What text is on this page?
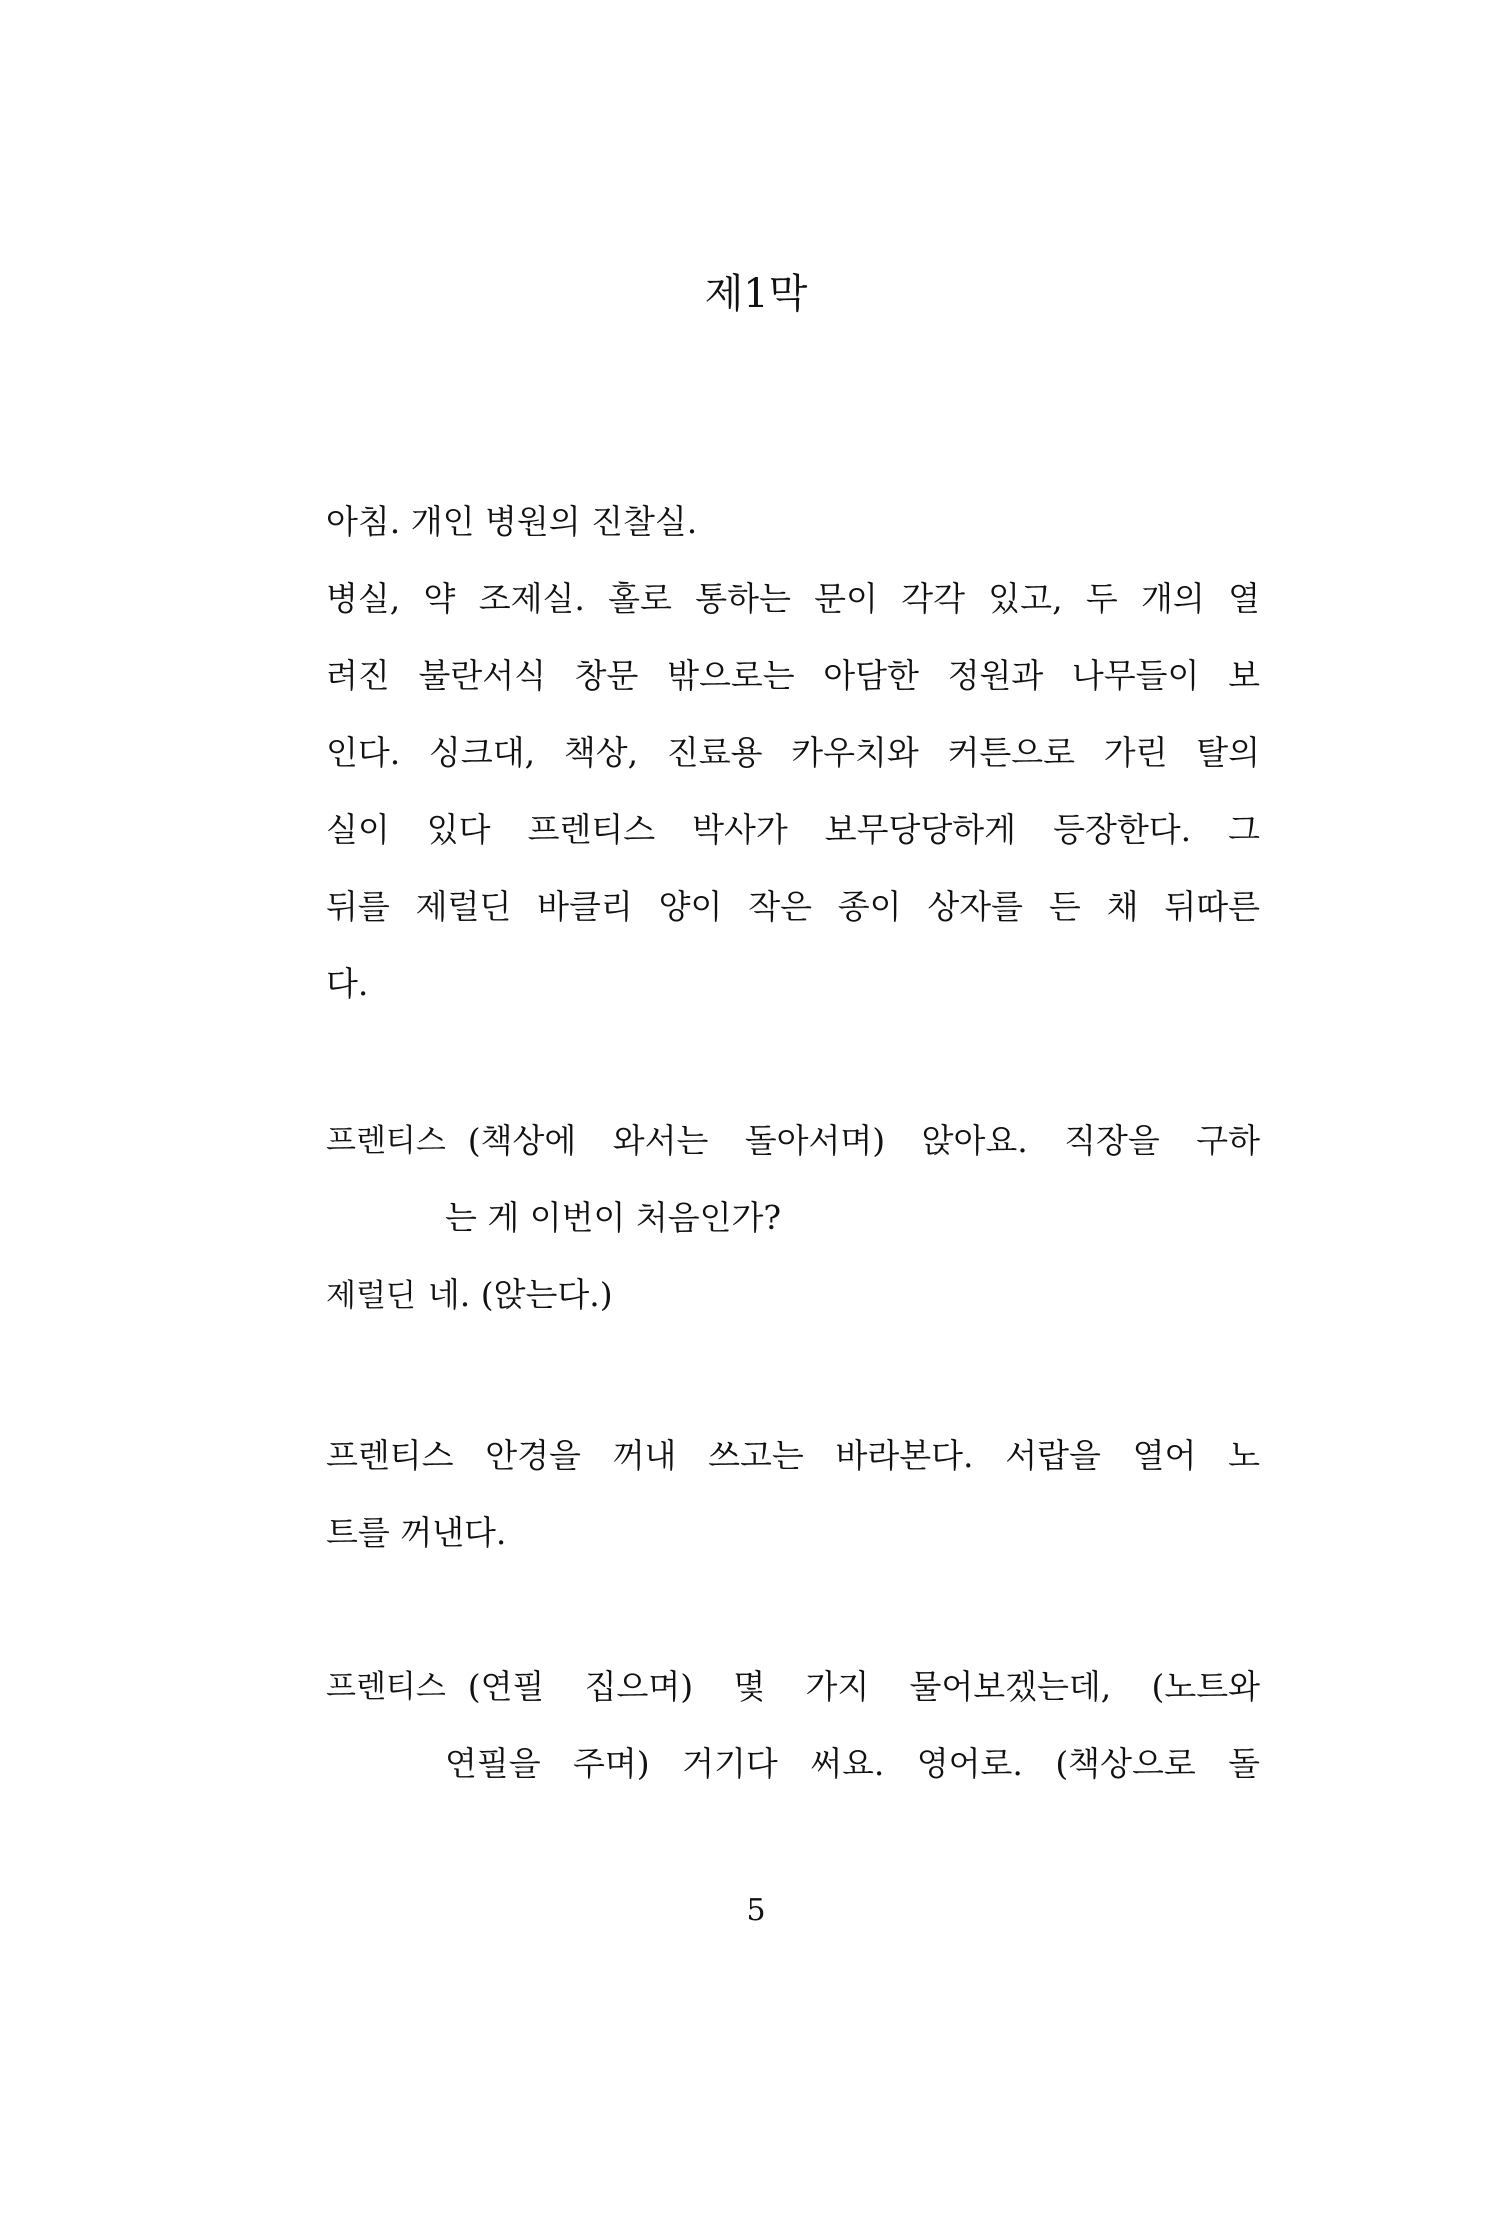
제1막
아침. 개인 병원의 진찰실.
병실, 약 조제실. 홀로 통하는 문이 각각 있고, 두 개의 열
려진 불란서식 창문 밖으로는 아담한 정원과 나무들이 보
인다. 싱크대, 책상, 진료용 카우치와 커튼으로 가린 탈의
실이 있다 프렌티스 박사가 보무당당하게 등장한다. 그
뒤를 제럴딘 바클리 양이 작은 종이 상자를 든 채 뒤따른
다.
프렌티스 (책상에 와서는 돌아서며) 앉아요. 직장을 구하
는 게 이번이 처음인가?
제럴딘 네. (앉는다.)
프렌티스 안경을 꺼내 쓰고는 바라본다. 서랍을 열어 노
트를 꺼낸다.
프렌티스 (연필 집으며) 몇 가지 물어보겠는데, (노트와
연필을 주며) 거기다 써요. 영어로. (책상으로 돌
5
